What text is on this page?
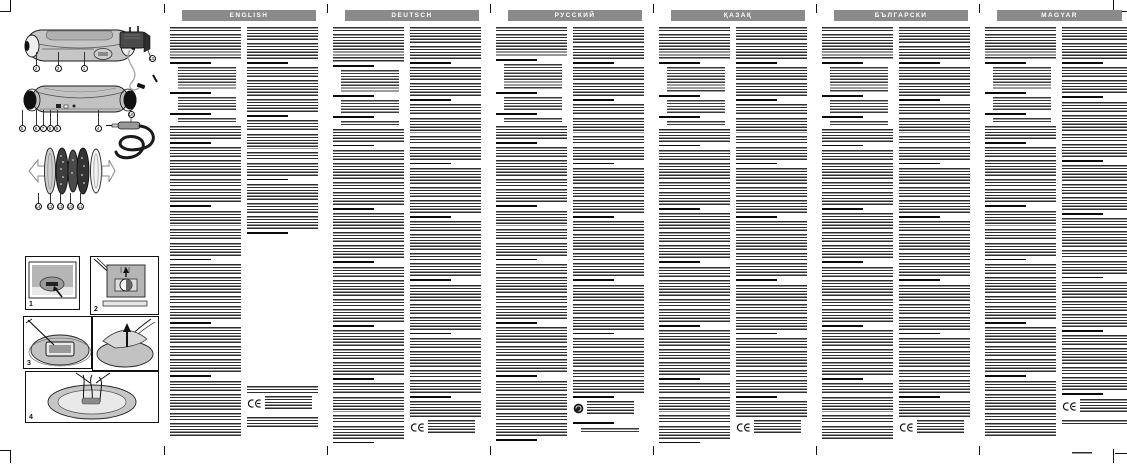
1
2
3
4
2	3	1
5	6 7 8 9	4
14 12 13 10 11
15
16
ENGLISH	DEUTSCH	РУССКИЙ	ҚАЗАҚ	БЪЛГАРСКИ	MAGYAR
